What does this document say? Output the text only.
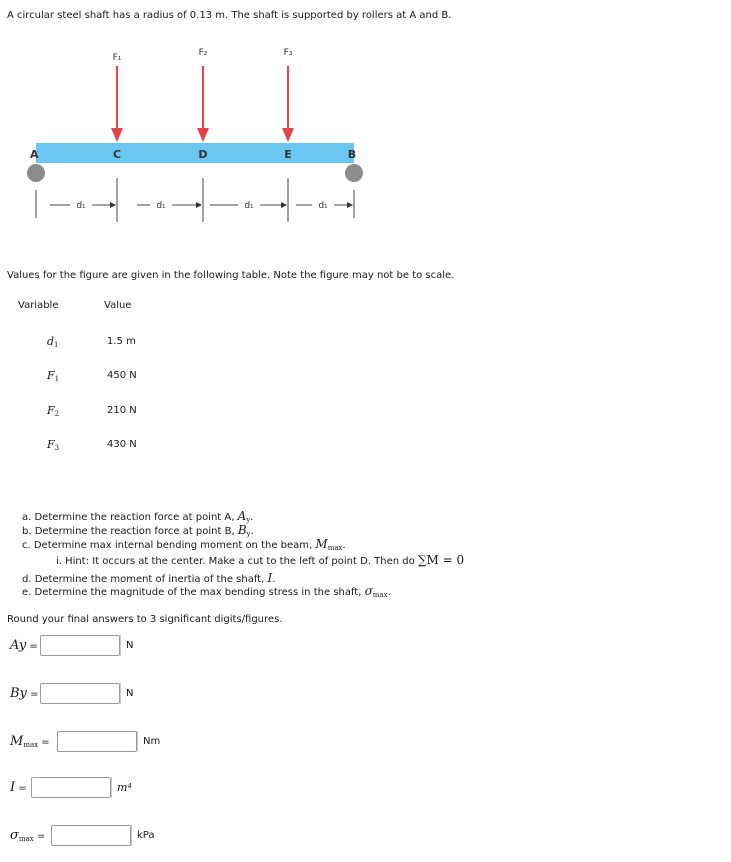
A circular steel shaft has a radius of 0.13 m. The shaft is supported by rollers at A and B.
F₁	F₂	F₃
A	C	D	E	B
d₁	d₁	d₁	d₁
Values for the figure are given in the following table. Note the figure may not be to scale.
Variable	Value
$d_1$	1.5 m
$F_1$	450 N
$F_2$	210 N
$F_3$	430 N
a. Determine the reaction force at point A, $A_y$.
b. Determine the reaction force at point B, $B_y$.
c. Determine max internal bending moment on the beam, $M_{max}$.
i. Hint: It occurs at the center. Make a cut to the left of point D. Then do ∑M = 0
d. Determine the moment of inertia of the shaft, I.
e. Determine the magnitude of the max bending stress in the shaft, $\sigma_{max}$.
Round your final answers to 3 significant digits/figures.
Ay =	N
By =	N
$M_{max}$ =	Nm
I =	m⁴
$\sigma_{max}$ =	kPa
